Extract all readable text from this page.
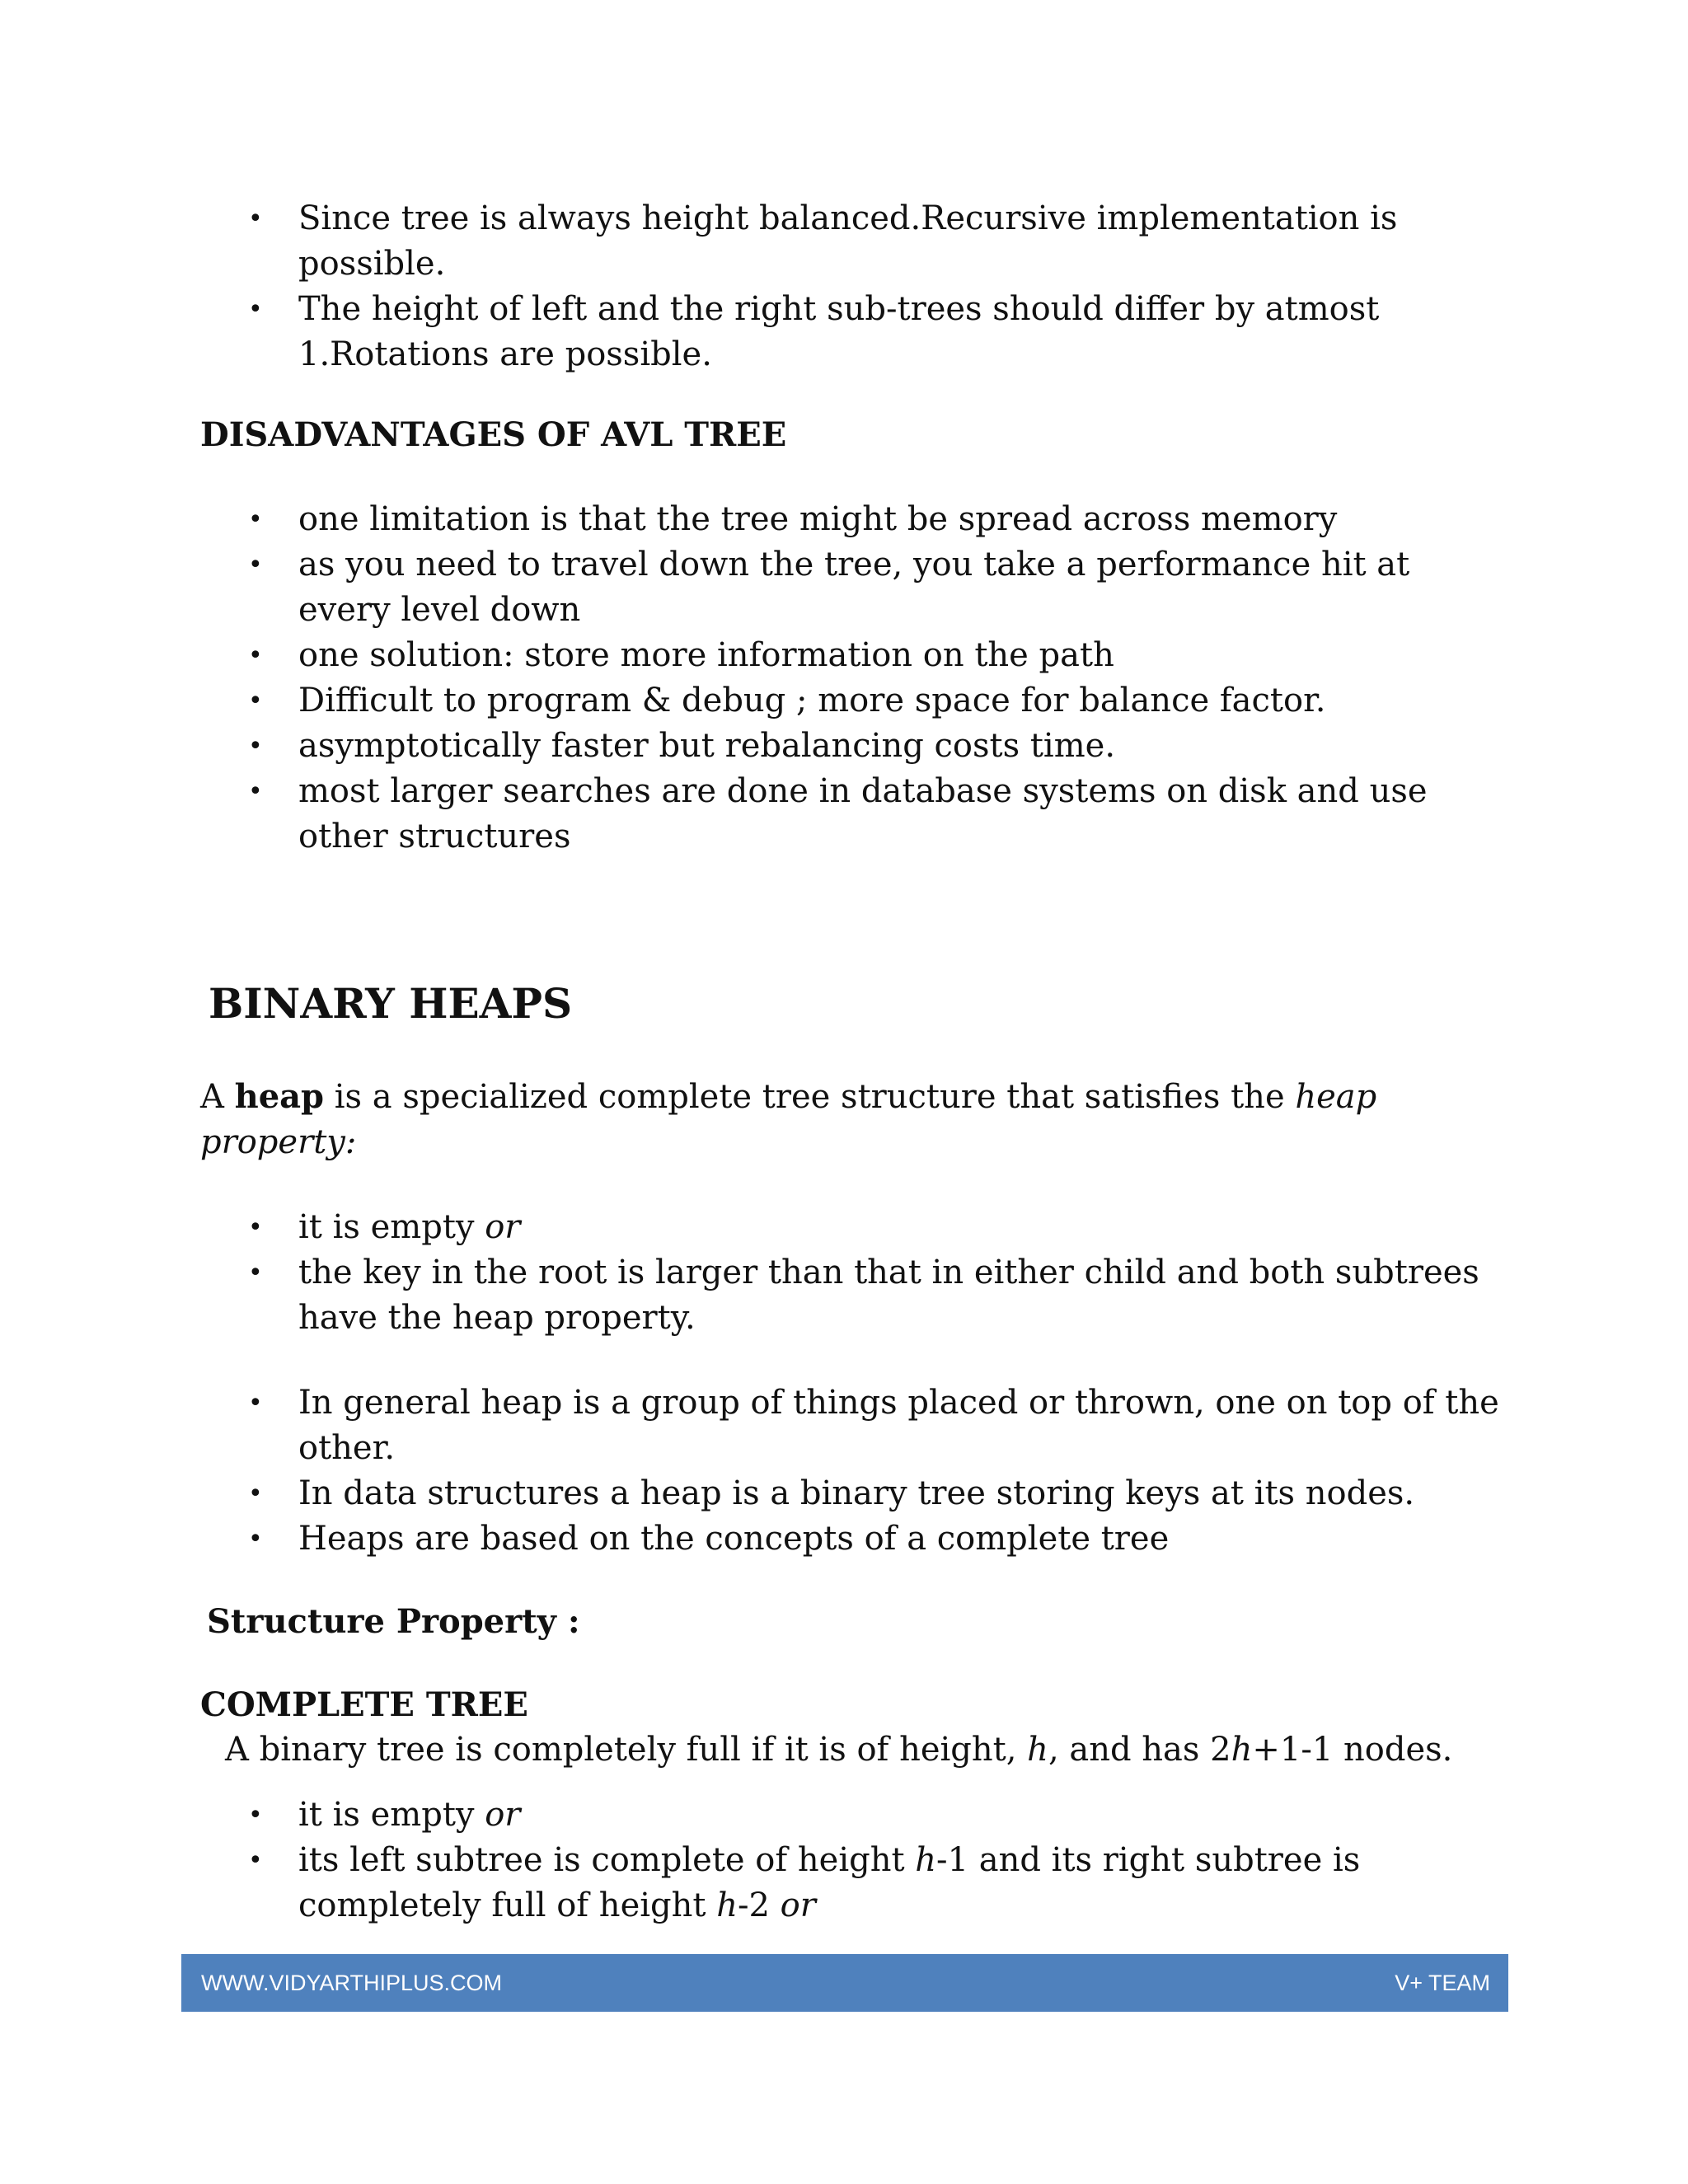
• Since tree is always height balanced.Recursive implementation is possible.
• The height of left and the right sub-trees should differ by atmost 1.Rotations are possible.
DISADVANTAGES OF AVL TREE
• one limitation is that the tree might be spread across memory
• as you need to travel down the tree, you take a performance hit at every level down
• one solution: store more information on the path
• Difficult to program & debug ; more space for balance factor.
• asymptotically faster but rebalancing costs time.
• most larger searches are done in database systems on disk and use other structures
BINARY HEAPS

A heap is a specialized complete tree structure that satisfies the heap property:

• it is empty or
• the key in the root is larger than that in either child and both subtrees have the heap property.
• In general heap is a group of things placed or thrown, one on top of the other.
• In data structures a heap is a binary tree storing keys at its nodes.
• Heaps are based on the concepts of a complete tree
Structure Property :
COMPLETE TREE
A binary tree is completely full if it is of height, h, and has 2h+1-1 nodes.
• it is empty or
• its left subtree is complete of height h-1 and its right subtree is completely full of height h-2 or
WWW.VIDYARTHIPLUS.COM	V+ TEAM
